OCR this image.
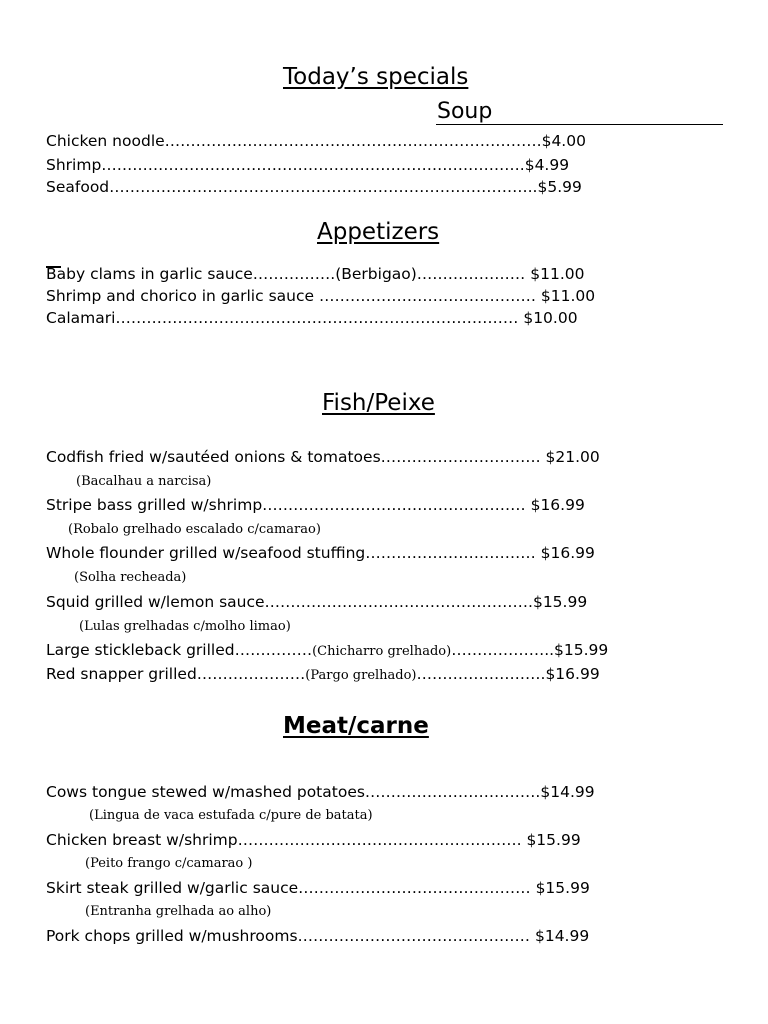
Today’s specials
Soup
Chicken noodle……………………………………………………………….$4.00
Shrimp……………………………………………………………………….$4.99
Seafood………………………………………………………………………..$5.99
Appetizers
Baby clams in garlic sauce…………….(Berbigao)………………… $11.00
Shrimp and chorico in garlic sauce …………………………………… $11.00
Calamari…………………………………………………………………… $10.00
Fish/Peixe
Codfish fried w/sautéed onions & tomatoes…………………………. $21.00
(Bacalhau a narcisa)
Stripe bass grilled w/shrimp…………………………………………… $16.99
(Robalo grelhado escalado c/camarao)
Whole flounder grilled w/seafood stuffing…………………………… $16.99
(Solha recheada)
Squid grilled w/lemon sauce…………………………………………….$15.99
(Lulas grelhadas c/molho limao)
Large stickleback grilled……………(Chicharro grelhado)………………..$15.99
Red snapper grilled…………………(Pargo grelhado)…………………….$16.99
Meat/carne
Cows tongue stewed w/mashed potatoes…………………………….$14.99
(Lingua de vaca estufada c/pure de batata)
Chicken breast w/shrimp………………………………………………. $15.99
(Peito frango c/camarao )
Skirt steak grilled w/garlic sauce……………………………………… $15.99
(Entranha grelhada ao alho)
Pork chops grilled w/mushrooms……………………………………… $14.99
